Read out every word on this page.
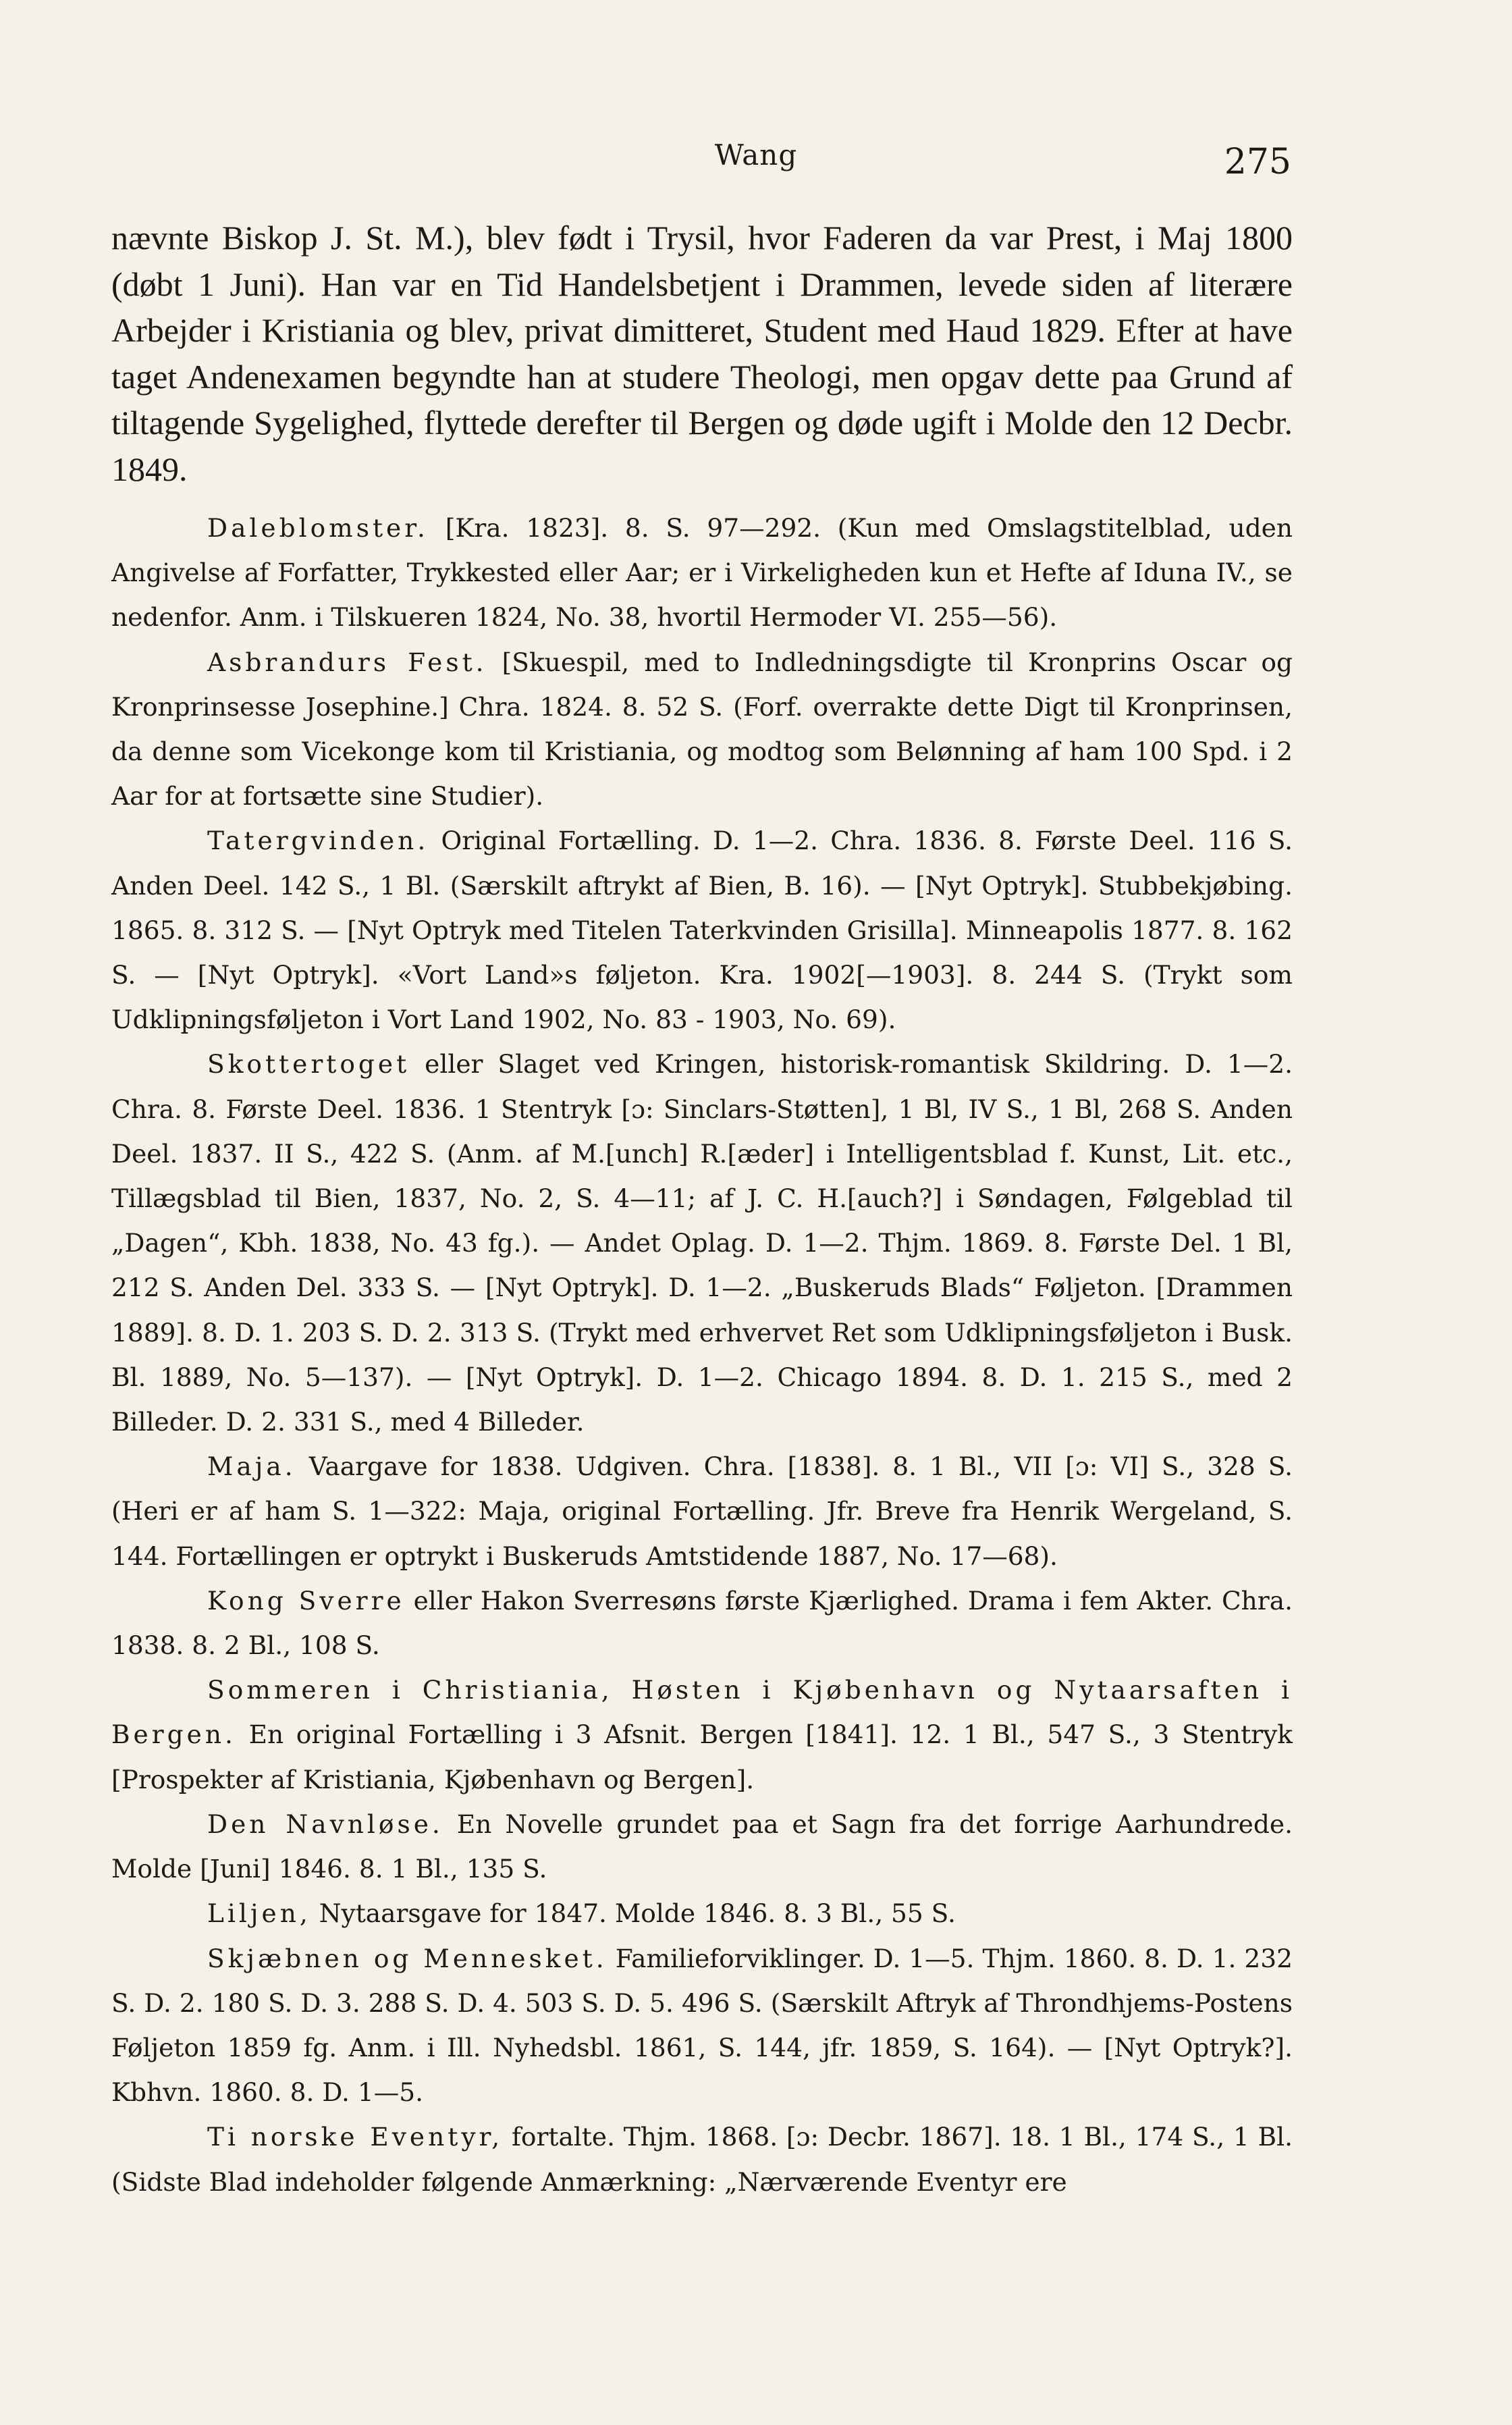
Wang	275

nævnte Biskop J. St. M.), blev født i Trysil, hvor Faderen da var Prest, i Maj 1800 (døbt 1 Juni). Han var en Tid Handelsbetjent i Drammen, levede siden af literære Arbejder i Kristiania og blev, privat dimitteret, Student med Haud 1829. Efter at have taget Andenexamen begyndte han at studere Theologi, men opgav dette paa Grund af tiltagende Sygelighed, flyttede derefter til Bergen og døde ugift i Molde den 12 Decbr. 1849.

Daleblomster. [Kra. 1823]. 8. S. 97—292. (Kun med Omslagstitelblad, uden Angivelse af Forfatter, Trykkested eller Aar; er i Virkeligheden kun et Hefte af Iduna IV., se nedenfor. Anm. i Tilskueren 1824, No. 38, hvortil Hermoder VI. 255—56).

Asbrandurs Fest. [Skuespil, med to Indledningsdigte til Kronprins Oscar og Kronprinsesse Josephine.] Chra. 1824. 8. 52 S. (Forf. overrakte dette Digt til Kronprinsen, da denne som Vicekonge kom til Kristiania, og modtog som Belønning af ham 100 Spd. i 2 Aar for at fortsætte sine Studier).

Tatergvinden. Original Fortælling. D. 1—2. Chra. 1836. 8. Første Deel. 116 S. Anden Deel. 142 S., 1 Bl. (Særskilt aftrykt af Bien, B. 16). — [Nyt Optryk]. Stubbekjøbing. 1865. 8. 312 S. — [Nyt Optryk med Titelen Taterkvinden Grisilla]. Minneapolis 1877. 8. 162 S. — [Nyt Optryk]. «Vort Land»s føljeton. Kra. 1902[—1903]. 8. 244 S. (Trykt som Udklipningsføljeton i Vort Land 1902, No. 83 - 1903, No. 69).

Skottertoget eller Slaget ved Kringen, historisk-romantisk Skildring. D. 1—2. Chra. 8. Første Deel. 1836. 1 Stentryk [ɔ: Sinclars-Støtten], 1 Bl, IV S., 1 Bl, 268 S. Anden Deel. 1837. II S., 422 S. (Anm. af M.[unch] R.[æder] i Intelligentsblad f. Kunst, Lit. etc., Tillægsblad til Bien, 1837, No. 2, S. 4—11; af J. C. H.[auch?] i Søndagen, Følgeblad til „Dagen“, Kbh. 1838, No. 43 fg.). — Andet Oplag. D. 1—2. Thjm. 1869. 8. Første Del. 1 Bl, 212 S. Anden Del. 333 S. — [Nyt Optryk]. D. 1—2. „Buskeruds Blads“ Føljeton. [Drammen 1889]. 8. D. 1. 203 S. D. 2. 313 S. (Trykt med erhvervet Ret som Udklipningsføljeton i Busk. Bl. 1889, No. 5—137). — [Nyt Optryk]. D. 1—2. Chicago 1894. 8. D. 1. 215 S., med 2 Billeder. D. 2. 331 S., med 4 Billeder.

Maja. Vaargave for 1838. Udgiven. Chra. [1838]. 8. 1 Bl., VII [ɔ: VI] S., 328 S. (Heri er af ham S. 1—322: Maja, original Fortælling. Jfr. Breve fra Henrik Wergeland, S. 144. Fortællingen er optrykt i Buskeruds Amtstidende 1887, No. 17—68).

Kong Sverre eller Hakon Sverresøns første Kjærlighed. Drama i fem Akter. Chra. 1838. 8. 2 Bl., 108 S.

Sommeren i Christiania, Høsten i Kjøbenhavn og Nytaarsaften i Bergen. En original Fortælling i 3 Afsnit. Bergen [1841]. 12. 1 Bl., 547 S., 3 Stentryk [Prospekter af Kristiania, Kjøbenhavn og Bergen].

Den Navnløse. En Novelle grundet paa et Sagn fra det forrige Aarhundrede. Molde [Juni] 1846. 8. 1 Bl., 135 S.

Liljen, Nytaarsgave for 1847. Molde 1846. 8. 3 Bl., 55 S.

Skjæbnen og Mennesket. Familieforviklinger. D. 1—5. Thjm. 1860. 8. D. 1. 232 S. D. 2. 180 S. D. 3. 288 S. D. 4. 503 S. D. 5. 496 S. (Særskilt Aftryk af Throndhjems-Postens Føljeton 1859 fg. Anm. i Ill. Nyhedsbl. 1861, S. 144, jfr. 1859, S. 164). — [Nyt Optryk?]. Kbhvn. 1860. 8. D. 1—5.

Ti norske Eventyr, fortalte. Thjm. 1868. [ɔ: Decbr. 1867]. 18. 1 Bl., 174 S., 1 Bl. (Sidste Blad indeholder følgende Anmærkning: „Nærværende Eventyr ere
